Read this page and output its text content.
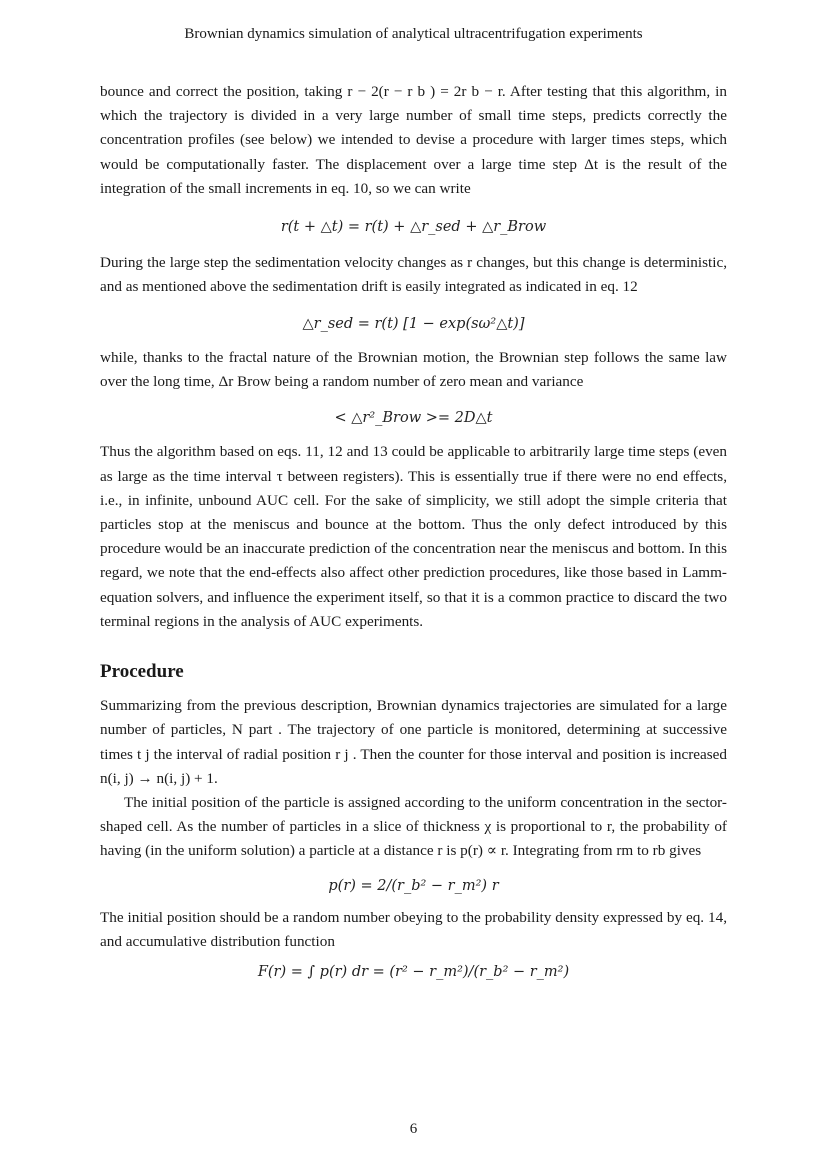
Brownian dynamics simulation of analytical ultracentrifugation experiments

bounce and correct the position, taking r − 2(r − r b ) = 2r b − r. After testing that this algorithm, in which the trajectory is divided in a very large number of small time steps, predicts correctly the concentration profiles (see below) we intended to devise a procedure with larger times steps, which would be computationally faster. The displacement over a large time step Δt is the result of the integration of the small increments in eq. 10, so we can write

r(t + △t) = r(t) + △r_sed + △r_Brow

During the large step the sedimentation velocity changes as r changes, but this change is deterministic, and as mentioned above the sedimentation drift is easily integrated as indicated in eq. 12

△r_sed = r(t) [1 − exp(sω²△t)]

while, thanks to the fractal nature of the Brownian motion, the Brownian step follows the same law over the long time, Δr Brow being a random number of zero mean and variance

< △r²_Brow >= 2D△t

Thus the algorithm based on eqs. 11, 12 and 13 could be applicable to arbitrarily large time steps (even as large as the time interval τ between registers). This is essentially true if there were no end effects, i.e., in infinite, unbound AUC cell. For the sake of simplicity, we still adopt the simple criteria that particles stop at the meniscus and bounce at the bottom. Thus the only defect introduced by this procedure would be an inaccurate prediction of the concentration near the meniscus and bottom. In this regard, we note that the end-effects also affect other prediction procedures, like those based in Lamm-equation solvers, and influence the experiment itself, so that it is a common practice to discard the two terminal regions in the analysis of AUC experiments.

Procedure

Summarizing from the previous description, Brownian dynamics trajectories are simulated for a large number of particles, N part . The trajectory of one particle is monitored, determining at successive times t j the interval of radial position r j . Then the counter for those interval and position is increased n(i, j) → n(i, j) + 1.

The initial position of the particle is assigned according to the uniform concentration in the sector-shaped cell. As the number of particles in a slice of thickness χ is proportional to r, the probability of having (in the uniform solution) a particle at a distance r is p(r) ∝ r. Integrating from rm to rb gives

p(r) = 2/(r_b² − r_m²) r

The initial position should be a random number obeying to the probability density expressed by eq. 14, and accumulative distribution function

F(r) = ∫ p(r) dr = (r² − r_m²)/(r_b² − r_m²)
6
